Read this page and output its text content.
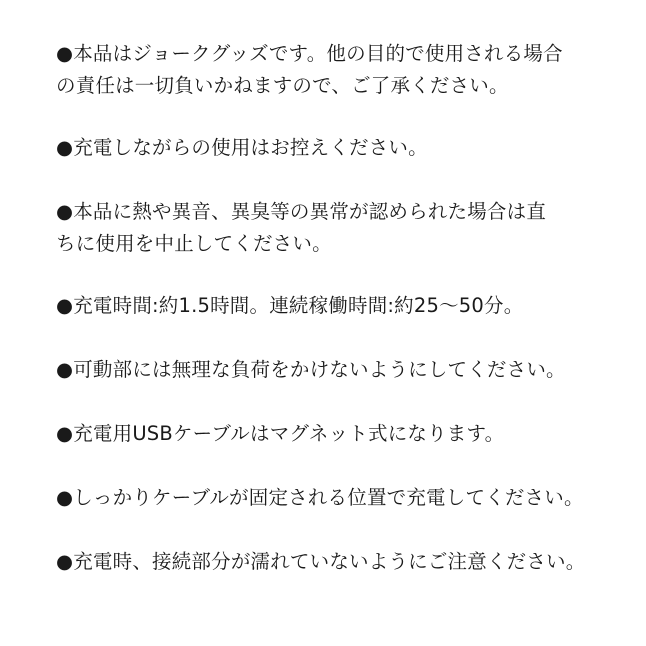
●本品はジョークグッズです。他の目的で使用される場合
の責任は一切負いかねますので、ご了承ください。
●充電しながらの使用はお控えください。
●本品に熱や異音、異臭等の異常が認められた場合は直
ちに使用を中止してください。
●充電時間:約1.5時間。連続稼働時間:約25〜50分。
●可動部には無理な負荷をかけないようにしてください。
●充電用USBケーブルはマグネット式になります。
●しっかりケーブルが固定される位置で充電してください。
●充電時、接続部分が濡れていないようにご注意ください。
